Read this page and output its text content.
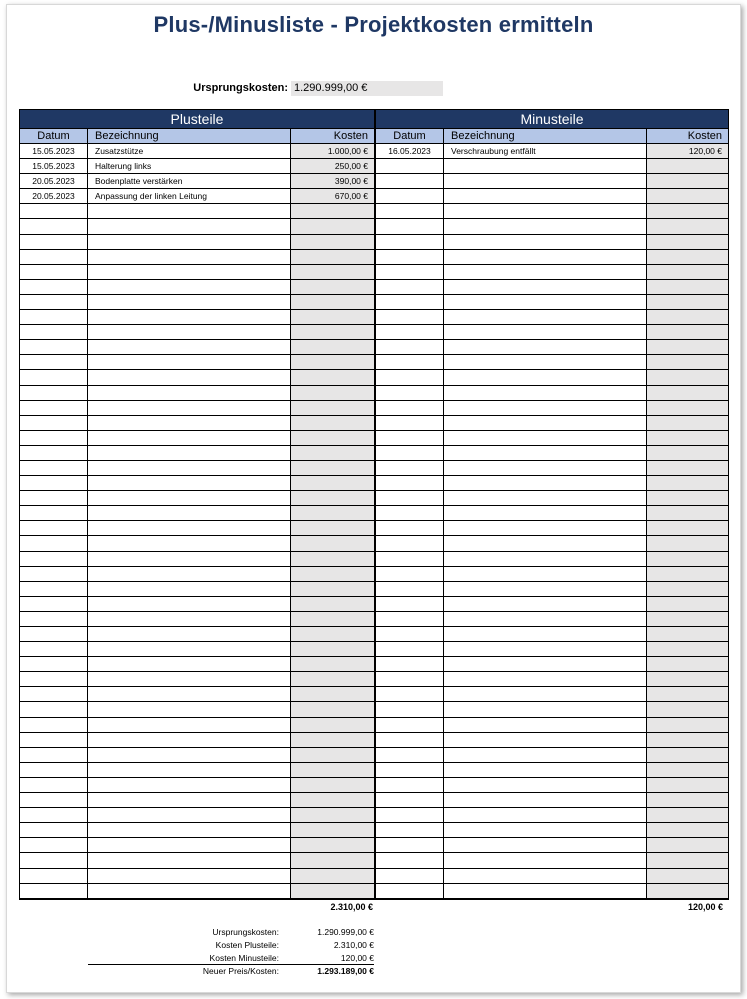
Plus-/Minusliste - Projektkosten ermitteln
Ursprungskosten: 1.290.999,00 €
Plusteile
Datum	Bezeichnung	Kosten
15.05.2023	Zusatzstütze	1.000,00 €
15.05.2023	Halterung links	250,00 €
20.05.2023	Bodenplatte verstärken	390,00 €
20.05.2023	Anpassung der linken Leitung	670,00 €
Minusteile
Datum	Bezeichnung	Kosten
16.05.2023	Verschraubung entfällt	120,00 €
2.310,00 €	120,00 €
Ursprungskosten:	1.290.999,00 €
Kosten Plusteile:	2.310,00 €
Kosten Minusteile:	120,00 €
Neuer Preis/Kosten:	1.293.189,00 €
